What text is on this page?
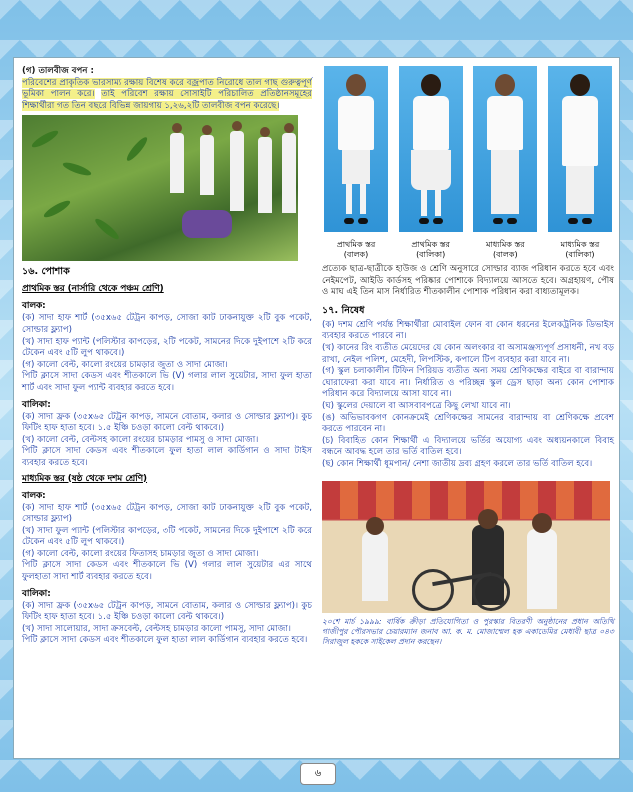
(গ) তালবীজ বপন :
পরিবেশের প্রাকৃতিক ভারসাম্য রক্ষায় বিশেষ করে বজ্রপাত নিরোধে তাল গাছ গুরুত্বপূর্ণ ভূমিকা পালন করে। তাই পরিবেশ রক্ষায় সোসাইটি পরিচালিত প্রতিষ্ঠানসমূহের শিক্ষার্থীরা গত তিন বছরে বিভিন্ন জায়গায় ১,২৬,২টি তালবীজ বপন করেছে।

১৬. পোশাক

প্রাথমিক স্তর (নার্সারি থেকে পঞ্চম শ্রেণি)

বালক:

(ক) সাদা হাফ শার্ট (৩৫x৬৫ টেট্রন কাপড়, সোজা কাট ঢাকনাযুক্ত ২টি বুক পকেট, সোল্ডার ফ্ল্যাপ)

(খ) সাদা হাফ প্যান্ট (পলিস্টার কাপড়ের, ২টি পকেট, সামনের দিকে দুইপাশে ২টি করে টেকেন এবং ৫টি লুপ থাকবে।)

(গ) কালো বেল্ট, কালো রংয়ের চামড়ার জুতা ও সাদা মোজা।

পিটি ক্লাসে সাদা কেডস এবং শীতকালে ভি (V) গলার লাল সুয়েটার, সাদা ফুল হাতা শার্ট এবং সাদা ফুল প্যান্ট ব্যবহার করতে হবে।

বালিকা:

(ক) সাদা ফ্রক (৩৫x৬৫ টেট্রন কাপড়, সামনে বোতাম, কলার ও সোল্ডার ফ্ল্যাপ)। কুচ ফিটিং হাফ হাতা হবে। ১.৫ ইঞ্চি চওড়া কালো বেল্ট থাকবে।)

(খ) কালো বেল্ট, বেল্টসহ কালো রংয়ের চামড়ার পামসু ও সাদা মোজা।

পিটি ক্লাসে সাদা কেডস এবং শীতকালে ফুল হাতা লাল কার্ডিগান ও সাদা টাইস ব্যবহার করতে হবে।

মাধ্যমিক স্তর (ষষ্ঠ থেকে দশম শ্রেণি)

বালক:

(ক) সাদা হাফ শার্ট (৩৫x৬৫ টেট্রন কাপড়, সোজা কাট ঢাকনাযুক্ত ২টি বুক পকেট, সোল্ডার ফ্ল্যাপ)

(খ) সাদা ফুল প্যান্ট (পলিস্টার কাপড়ের, ৩টি পকেট, সামনের দিকে দুইপাশে ২টি করে টেকেন এবং ৫টি লুপ থাকবে।)

(গ) কালো বেল্ট, কালো রংয়ের ফিতাসহ চামড়ার জুতা ও সাদা মোজা।

পিটি ক্লাসে সাদা কেডস এবং শীতকালে ভি (V) গলার লাল সুয়েটার এর সাথে ফুলহাতা সাদা শার্ট ব্যবহার করতে হবে।

বালিকা:

(ক) সাদা ফ্রক (৩৫x৬৫ টেট্রন কাপড়, সামনে বোতাম, কলার ও সোল্ডার ফ্ল্যাপ)। কুচ ফিটিং হাফ হাতা হবে। ১.৫ ইঞ্চি চওড়া কালো বেল্ট থাকবে।)

(খ) সাদা সালোয়ার, সাদা ক্রসবেল্ট, বেল্টসহ চামড়ার কালো পামসু, সাদা মোজা।

পিটি ক্লাসে সাদা কেডস এবং শীতকালে ফুল হাতা লাল কার্ডিগান ব্যবহার করতে হবে।

প্রাথমিক স্তর
(বালক)
প্রাথমিক স্তর
(বালিকা)
মাধ্যমিক স্তর
(বালক)
মাধ্যমিক স্তর
(বালিকা)

প্রত্যেক ছাত্র-ছাত্রীকে হাউজ ও শ্রেণি অনুসারে সোল্ডার ব্যাজ পরিধান করতে হবে এবং নেইমপেট, আইডি কার্ডসহ পরিষ্কার পোশাকে বিদ্যালয়ে আসতে হবে। অগ্রহায়ণ, পৌষ ও মাঘ এই তিন মাস নির্ধারিত শীতকালীন পোশাক পরিধান করা বাধ্যতামূলক।

১৭. নিষেধ

(ক) দশম শ্রেণি পর্যন্ত শিক্ষার্থীরা মোবাইল ফোন বা কোন ধরনের ইলেকট্রনিক ডিভাইস ব্যবহার করতে পারবে না।

(খ) কানের রিং ব্যতীত মেয়েদের যে কোন অলংকার বা অসামঞ্জস্যপূর্ণ প্রসাধনী, নখ বড় রাখা, নেইল পলিশ, মেহেদী, লিপস্টিক, কপালে টিপ ব্যবহার করা যাবে না।

(গ) স্কুল চলাকালীন টিফিন পিরিয়ড ব্যতীত অন্য সময় শ্রেণিকক্ষের বাইরে বা বারান্দায় ঘোরাফেরা করা যাবে না। নির্ধারিত ও পরিচ্ছন্ন স্কুল ড্রেস ছাড়া অন্য কোন পোশাক পরিধান করে বিদ্যালয়ে আসা যাবে না।

(ঘ) স্কুলের দেয়ালে বা আসবাবপত্রে কিছু লেখা যাবে না।

(ঙ) অভিভাবকগণ কোনক্রমেই শ্রেণিকক্ষের সামনের বারান্দায় বা শ্রেণিকক্ষে প্রবেশ করতে পারবেন না।

(চ) বিবাহিত কোন শিক্ষার্থী এ বিদ্যালয়ে ভর্তির অযোগ্য এবং অধ্যয়নকালে বিবাহ বন্ধনে আবদ্ধ হলে তার ভর্তি বাতিল হবে।

(ছ) কোন শিক্ষার্থী ধূমপান/ নেশা জাতীয় দ্রব্য গ্রহণ করলে তার ভর্তি বাতিল হবে।

২০শে মার্চ ১৯৯৯: বার্ষিক ক্রীড়া প্রতিযোগিতা ও পুরস্কার বিতরণী অনুষ্ঠানের প্রধান অতিথি গাজীপুর পৌরসভার চেয়ারম্যান জনাব আ. ক. ম. মোজাম্মেল হক একাডেমির মেধাবী ছাত্র ০৪৩ সিরাজুল হককে সাইকেল প্রদান করছেন।

৬
